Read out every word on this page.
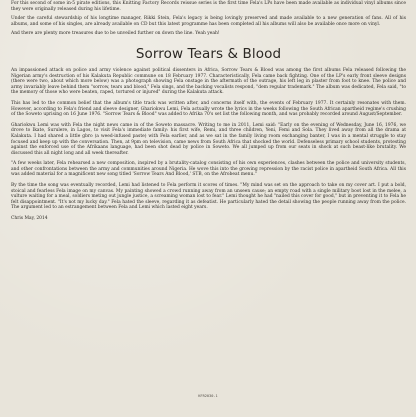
For this second of some in-5 pirate editions, this Knitting Factory Records reissue series is the first time Fela's LPs have been made available as individual vinyl albums since they were originally released during his lifetime.

Under the careful stewardship of his longtime manager, Rikki Stein, Fela's legacy is being lovingly preserved and made available to a new generation of fans. All of his albums, and some of his singles, are already available on CD but this latest programme has been completed all his albums will also be available once more on vinyl.

And there are plenty more treasures due to be unveiled further on down the line. Yeah yeah!

Sorrow Tears & Blood

An impassioned attack on police and army violence against political dissenters in Africa, Sorrow Tears & Blood was among the first albums Fela released following the Nigerian army's destruction of his Kalakuta Republic commune on 18 February 1977. Characteristically, Fela came back fighting. One of the LP's early front sleeve designs (there were two, about which more below) was a photograph showing Fela onstage in the aftermath of the outrage, his left leg in plaster from foot to knee. The police and army invariably leave behind them "sorrow, tears and blood," Fela sings, and the backing vocalists respond, "dem regular trademark." The album was dedicated, Fela said, "to the memory of those who were beaten, raped, tortured or injured" during the Kalakuta attack.

This has led to the common belief that the album's title track was written after, and concerns itself with, the events of February 1977. It certainly resonates with them. However, according to Fela's friend and sleeve designer, Ghariokwu Lemi, Fela actually wrote the lyrics in the weeks following the South African apartheid regime's crushing of the Soweto uprising on 16 June 1976. "Sorrow Tears & Blood" was added to Afrika 70's set list the following month, and was probably recorded around August/September.

Ghariokwu Lemi was with Fela the night news came in of the Soweto massacre. Writing to me in 2011, Lemi said: "Early on the evening of Wednesday, June 16, 1976, we drove to Ikate, Surulere, in Lagos, to visit Fela's immediate family: his first wife, Remi, and three children, Yeni, Femi and Sola. They lived away from all the drama at Kalakuta. I had shared a little gbro (a weed-infused paste) with Fela earlier, and as we sat in the family living room exchanging banter, I was in a mental struggle to stay focused and keep up with the conversation. Then, at 9pm on television, came news from South Africa that shocked the world. Defenseless primary school students, protesting against the enforced use of the Afrikaans language, had been shot dead by police in Soweto. We all jumped up from our seats in shock at such beast-like brutality. We discussed this all night long and all week thereafter.

"A few weeks later, Fela rehearsed a new composition, inspired by a brutality-catalog consisting of his own experiences, clashes between the police and university students, and other confrontations between the army and communities around Nigeria. He wove this into the growing repression by the racist police in apartheid South Africa. All this was added material for a magnificent new song titled 'Sorrow Tears And Blood,' STB, on the Afrobeat menu."

By the time the song was eventually recorded, Lemi had listened to Fela perform it scores of times. "My mind was set on the approach to take on my cover art. I put a bold, stoical and fearless Fela image on my canvas. My painting showed a crowd running away from an unseen cause; an empty road with a single military boot lost in the melee, a vulture waiting for a meal, soldiers meting out jungle justice, a screaming woman lost to fear." Lemi thought he had "nailed this cover for good," but in preventing it to Fela he felt disappointment. "It's not my lucky day." Fela hated the sleeve, regarding it as defeatist. He particularly hated the detail showing the people running away from the police. The argument led to an estrangement between Fela and Lemi which lasted eight years.

Chris May, 2014

KFR2030-1
